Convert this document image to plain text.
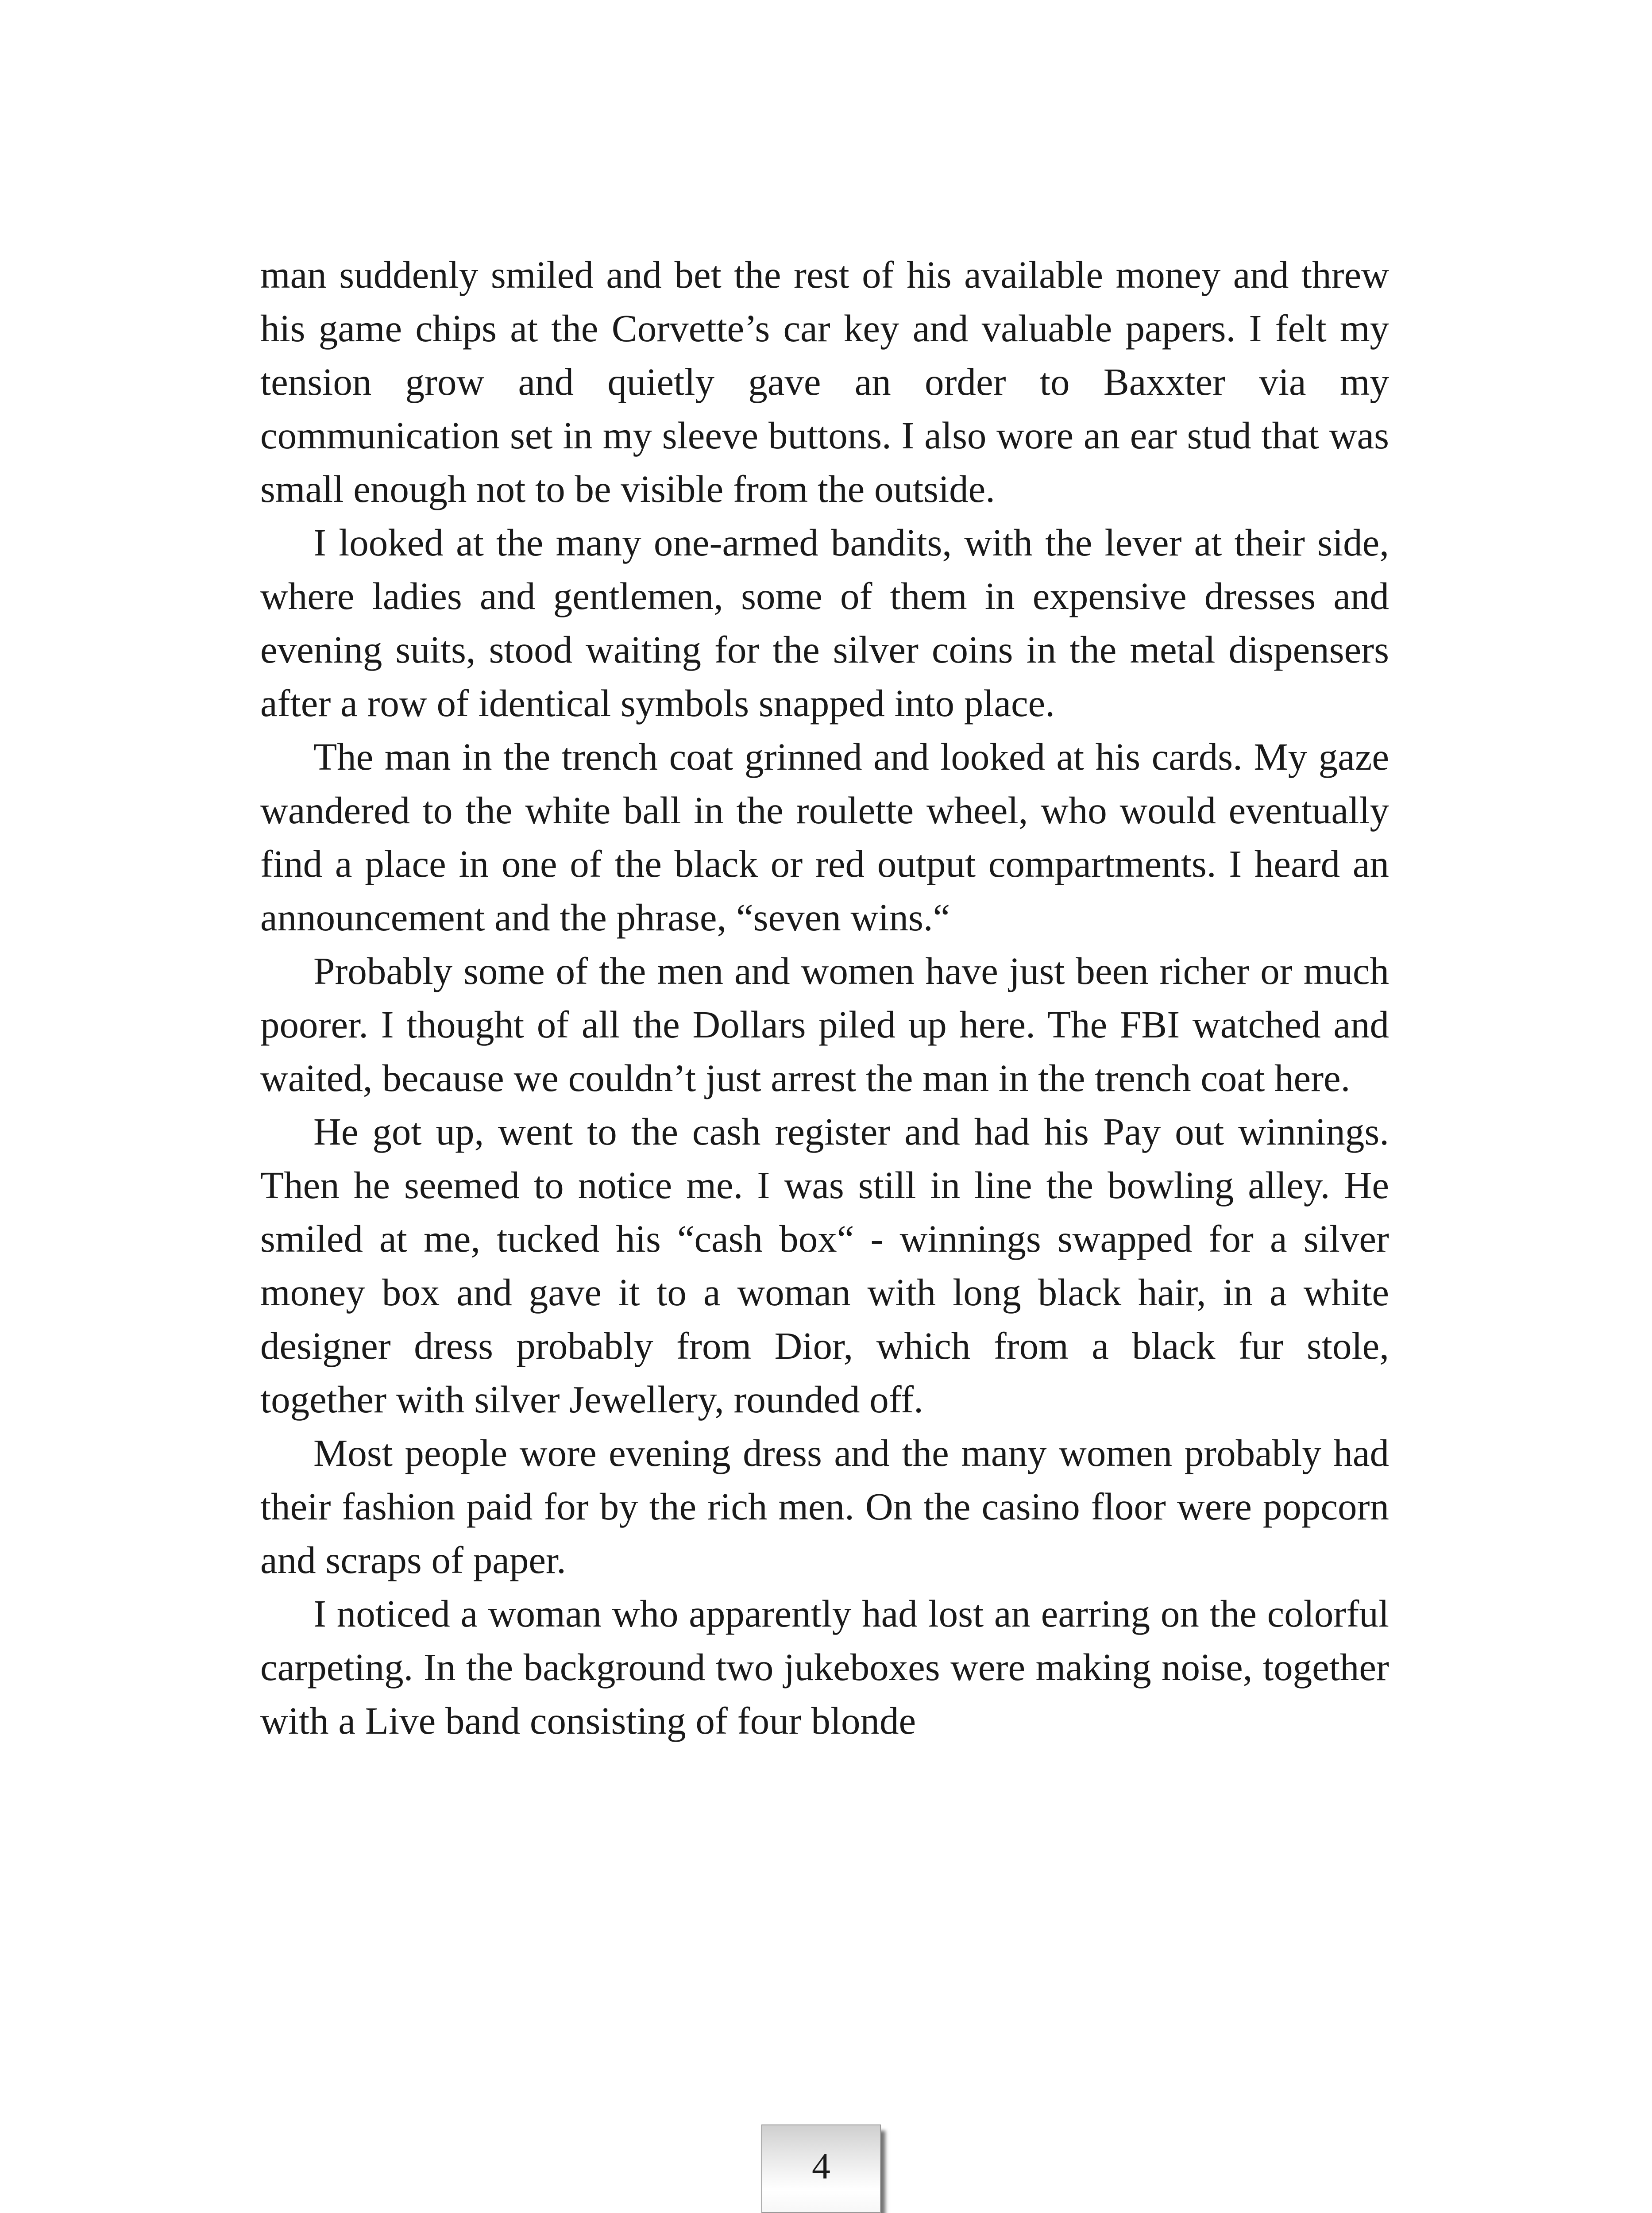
man suddenly smiled and bet the rest of his available money and threw his game chips at the Corvette’s car key and valuable papers. I felt my tension grow and quietly gave an order to Baxxter via my communication set in my sleeve buttons. I also wore an ear stud that was small enough not to be visible from the outside.

I looked at the many one-armed bandits, with the lever at their side, where ladies and gentlemen, some of them in expensive dresses and evening suits, stood waiting for the silver coins in the metal dispensers after a row of identical symbols snapped into place.

The man in the trench coat grinned and looked at his cards. My gaze wandered to the white ball in the roulette wheel, who would eventually find a place in one of the black or red output compartments. I heard an announcement and the phrase, “seven wins.“

Probably some of the men and women have just been richer or much poorer. I thought of all the Dollars piled up here. The FBI watched and waited, because we couldn’t just arrest the man in the trench coat here.

He got up, went to the cash register and had his Pay out winnings. Then he seemed to notice me. I was still in line the bowling alley. He smiled at me, tucked his “cash box“ - winnings swapped for a silver money box and gave it to a woman with long black hair, in a white designer dress probably from Dior, which from a black fur stole, together with silver Jewellery, rounded off.

Most people wore evening dress and the many women probably had their fashion paid for by the rich men. On the casino floor were popcorn and scraps of paper.

I noticed a woman who apparently had lost an earring on the colorful carpeting. In the background two jukeboxes were making noise, together with a Live band consisting of four blonde

4
